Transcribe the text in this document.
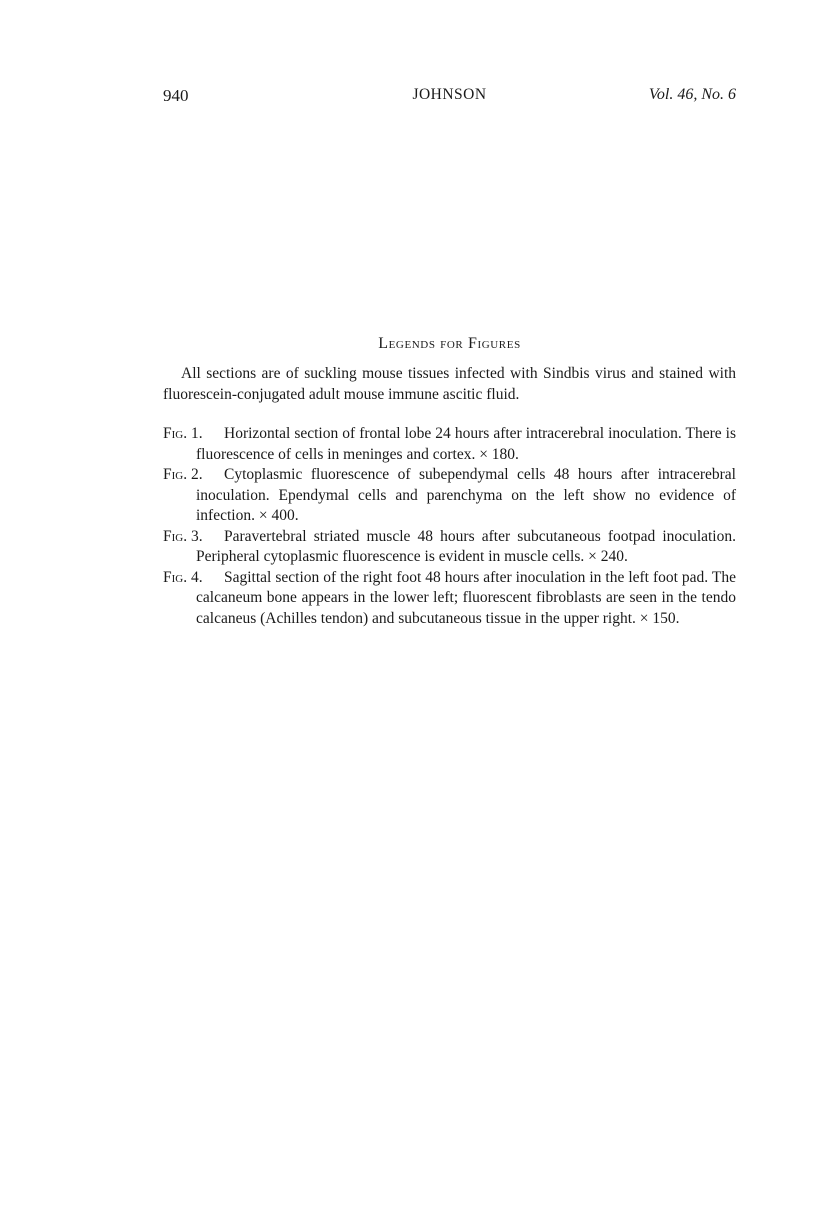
940	JOHNSON	Vol. 46, No. 6
Legends for Figures

All sections are of suckling mouse tissues infected with Sindbis virus and stained with fluorescein-conjugated adult mouse immune ascitic fluid.

Fig. 1.	Horizontal section of frontal lobe 24 hours after intracerebral inoculation. There is fluorescence of cells in meninges and cortex. × 180.
Fig. 2.	Cytoplasmic fluorescence of subependymal cells 48 hours after intracerebral inoculation. Ependymal cells and parenchyma on the left show no evidence of infection. × 400.
Fig. 3.	Paravertebral striated muscle 48 hours after subcutaneous footpad inoculation. Peripheral cytoplasmic fluorescence is evident in muscle cells. × 240.
Fig. 4.	Sagittal section of the right foot 48 hours after inoculation in the left foot pad. The calcaneum bone appears in the lower left; fluorescent fibroblasts are seen in the tendo calcaneus (Achilles tendon) and subcutaneous tissue in the upper right. × 150.
